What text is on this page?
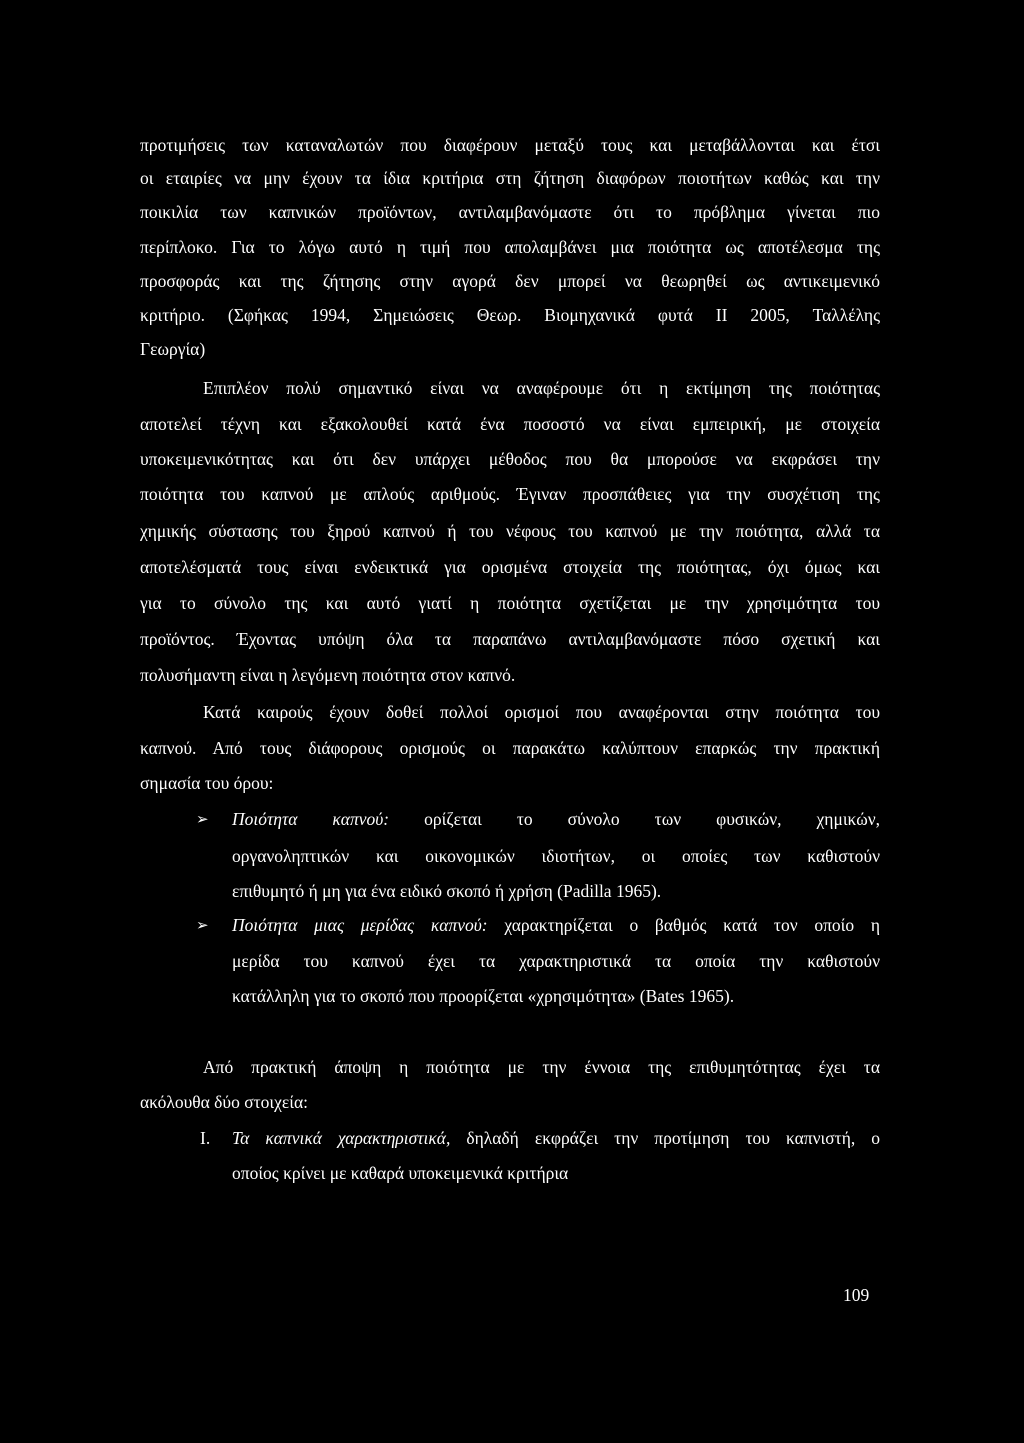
προτιμήσεις των καταναλωτών που διαφέρουν μεταξύ τους και μεταβάλλονται και έτσι
οι εταιρίες να μην έχουν τα ίδια κριτήρια στη ζήτηση διαφόρων ποιοτήτων καθώς και την
ποικιλία των καπνικών προϊόντων, αντιλαμβανόμαστε ότι το πρόβλημα γίνεται πιο
περίπλοκο. Για το λόγω αυτό η τιμή που απολαμβάνει μια ποιότητα ως αποτέλεσμα της
προσφοράς και της ζήτησης στην αγορά δεν μπορεί να θεωρηθεί ως αντικειμενικό
κριτήριο. (Σφήκας 1994, Σημειώσεις Θεωρ. Βιομηχανικά φυτά II 2005, Ταλλέλης
Γεωργία)
Επιπλέον πολύ σημαντικό είναι να αναφέρουμε ότι η εκτίμηση της ποιότητας
αποτελεί τέχνη και εξακολουθεί κατά ένα ποσοστό να είναι εμπειρική, με στοιχεία
υποκειμενικότητας και ότι δεν υπάρχει μέθοδος που θα μπορούσε να εκφράσει την
ποιότητα του καπνού με απλούς αριθμούς. Έγιναν προσπάθειες για την συσχέτιση της
χημικής σύστασης του ξηρού καπνού ή του νέφους του καπνού με την ποιότητα, αλλά τα
αποτελέσματά τους είναι ενδεικτικά για ορισμένα στοιχεία της ποιότητας, όχι όμως και
για το σύνολο της και αυτό γιατί η ποιότητα σχετίζεται με την χρησιμότητα του
προϊόντος. Έχοντας υπόψη όλα τα παραπάνω αντιλαμβανόμαστε πόσο σχετική και
πολυσήμαντη είναι η λεγόμενη ποιότητα στον καπνό.
Κατά καιρούς έχουν δοθεί πολλοί ορισμοί που αναφέρονται στην ποιότητα του
καπνού. Από τους διάφορους ορισμούς οι παρακάτω καλύπτουν επαρκώς την πρακτική
σημασία του όρου:
➢ Ποιότητα καπνού: ορίζεται το σύνολο των φυσικών, χημικών,
οργανοληπτικών και οικονομικών ιδιοτήτων, οι οποίες των καθιστούν
επιθυμητό ή μη για ένα ειδικό σκοπό ή χρήση (Padilla 1965).
➢ Ποιότητα μιας μερίδας καπνού: χαρακτηρίζεται ο βαθμός κατά τον οποίο η
μερίδα του καπνού έχει τα χαρακτηριστικά τα οποία την καθιστούν
κατάλληλη για το σκοπό που προορίζεται «χρησιμότητα» (Bates 1965).
Από πρακτική άποψη η ποιότητα με την έννοια της επιθυμητότητας έχει τα
ακόλουθα δύο στοιχεία:
I. Τα καπνικά χαρακτηριστικά, δηλαδή εκφράζει την προτίμηση του καπνιστή, ο
οποίος κρίνει με καθαρά υποκειμενικά κριτήρια
109
